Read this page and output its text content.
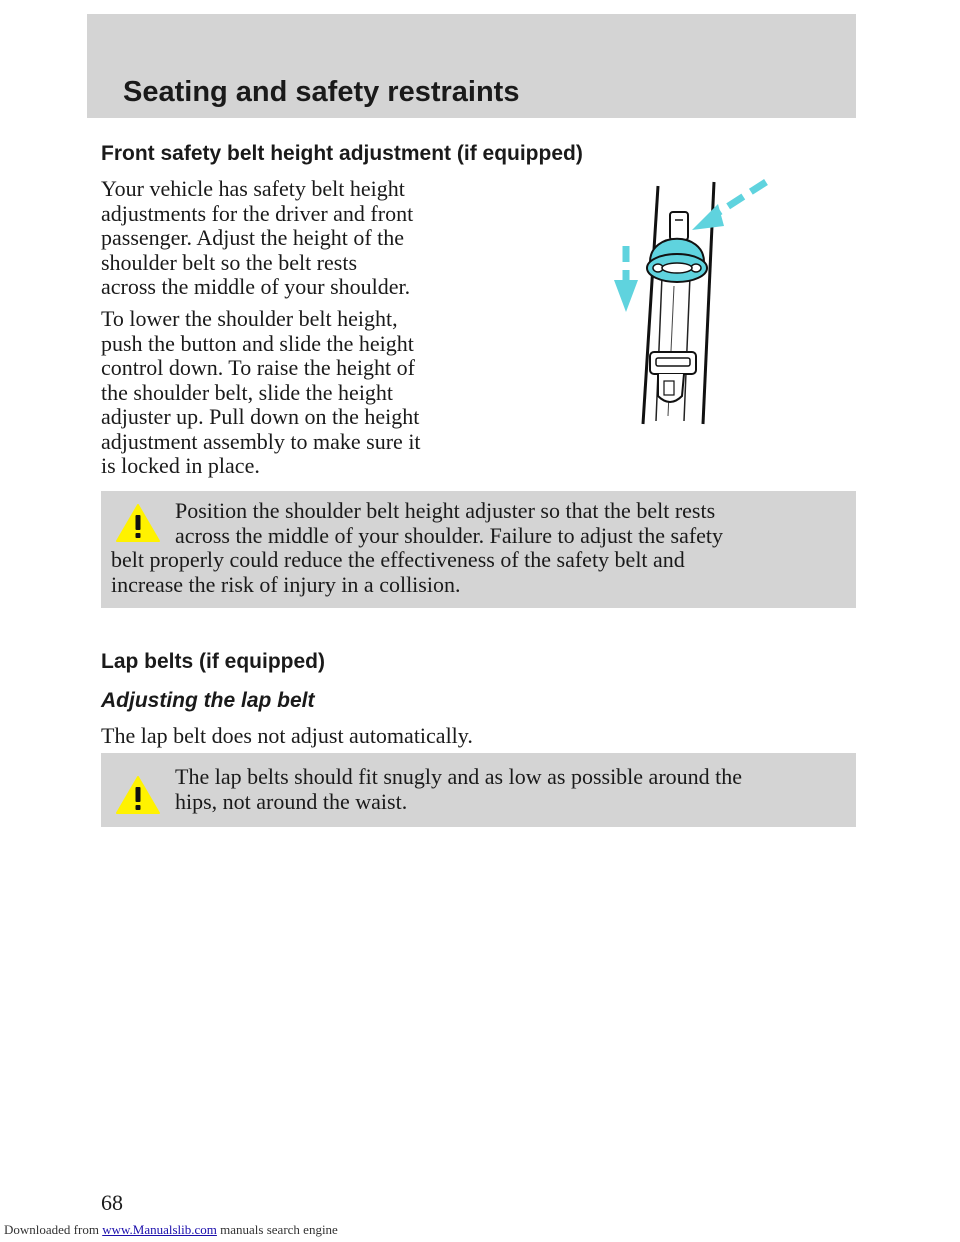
Seating and safety restraints
Front safety belt height adjustment (if equipped)
Your vehicle has safety belt height
adjustments for the driver and front
passenger. Adjust the height of the
shoulder belt so the belt rests
across the middle of your shoulder.
To lower the shoulder belt height,
push the button and slide the height
control down. To raise the height of
the shoulder belt, slide the height
adjuster up. Pull down on the height
adjustment assembly to make sure it
is locked in place.
Position the shoulder belt height adjuster so that the belt rests
across the middle of your shoulder. Failure to adjust the safety
belt properly could reduce the effectiveness of the safety belt and
increase the risk of injury in a collision.
Lap belts (if equipped)
Adjusting the lap belt
The lap belt does not adjust automatically.
The lap belts should fit snugly and as low as possible around the
hips, not around the waist.
68
Downloaded from www.Manualslib.com manuals search engine
